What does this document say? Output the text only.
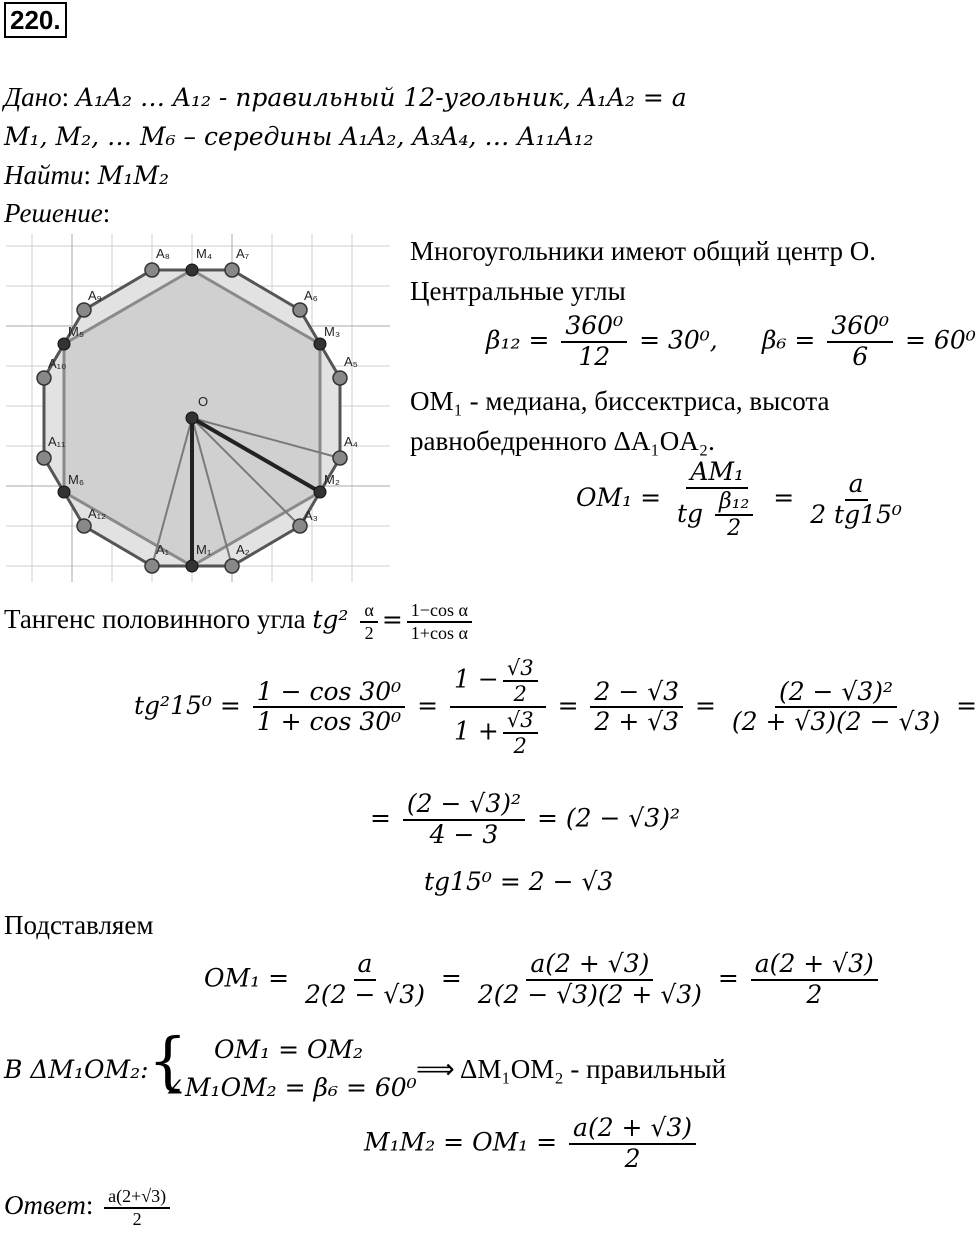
220.
Дано: A₁A₂ … A₁₂ - правильный 12-угольник, A₁A₂ = a
M₁, M₂, … M₆ – середины A₁A₂, A₃A₄, … A₁₁A₁₂
Найти: M₁M₂
Решение:
A₁	A₂
A₃
A₄
A₅
A₆
A₇
A₈
A₉
A₁₀
A₁₁
A₁₂
M₁
M₂
M₃
M₄
M₅
M₆
O
Многоугольники имеют общий центр O.
Центральные углы
$\beta_{12} = \frac{\text{360⁰}}{12} = 30^0$, $\beta_6 = \frac{\text{360⁰}}{6} = 60^0$
OM₁ - медиана, биссектриса, высота
равнобедренного ΔA₁OA₂.
$OM_1 = \frac{\text{AM₁}}{tg \frac{\text{β₁₂}}{2}} = \frac{a}{\text{2 tg15⁰}}$
Тангенс половинного угла $tg^2 \frac{\alpha}{2} = \frac{\text{1−cos α}}{\text{1+cos α}}$
$tg^215^0 = \frac{\text{1 − cos 30⁰}}{\text{1 + cos 30⁰}} = \frac{1 - \frac{√3}{2}}{1 + \frac{√3}{2}} = \frac{2 - √3}{2 + √3} = \frac{\text{(2 − √3)²}}{(2 + √3)(2 - √3)}$ =
= $\frac{\text{(2 − √3)²}}{4 - 3} = (2 - √3)^2$
tg15⁰ = 2 − √3
Подставляем
$OM_1 = \frac{a}{2(2 - √3)} = \frac{a(2 + √3)}{2(2 - √3)(2 + √3)} = \frac{a(2 + √3)}{2}$
В ΔM₁OM₂: { OM₁ = OM₂
∠M₁OM₂ = β₆ = 60⁰
⟹ ΔM₁OM₂ - правильный
$M_1M_2 = OM_1 = \frac{a(2 + √3)}{2}$
Ответ: $\frac{a(2+√3)}{2}$
